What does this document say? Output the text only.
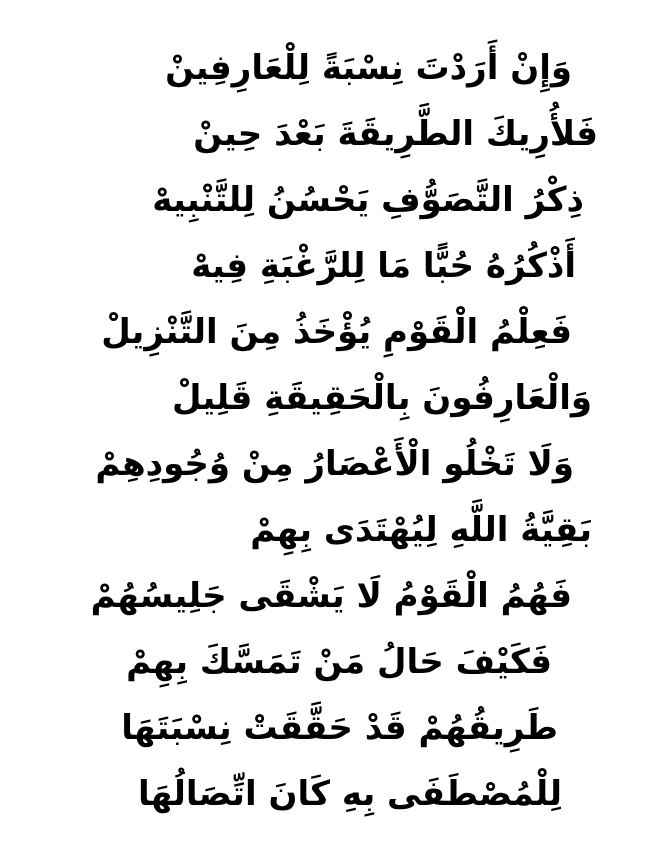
وَإِنْ أَرَدْتَ نِسْبَةً لِلْعَارِفِينْ
فَلأُرِيكَ الطَّرِيقَةَ بَعْدَ حِينْ
ذِكْرُ التَّصَوُّفِ يَحْسُنُ لِلتَّنْبِيهْ
أَذْكُرُهُ حُبًّا مَا لِلرَّغْبَةِ فِيهْ
فَعِلْمُ الْقَوْمِ يُؤْخَذُ مِنَ التَّنْزِيلْ
وَالْعَارِفُونَ بِالْحَقِيقَةِ قَلِيلْ
وَلَا تَخْلُو الْأَعْصَارُ مِنْ وُجُودِهِمْ
بَقِيَّةُ اللَّهِ لِيُهْتَدَى بِهِمْ
فَهُمُ الْقَوْمُ لَا يَشْقَى جَلِيسُهُمْ
فَكَيْفَ حَالُ مَنْ تَمَسَّكَ بِهِمْ
طَرِيقُهُمْ قَدْ حَقَّقَتْ نِسْبَتَهَا
لِلْمُصْطَفَى بِهِ كَانَ اتِّصَالُهَا
